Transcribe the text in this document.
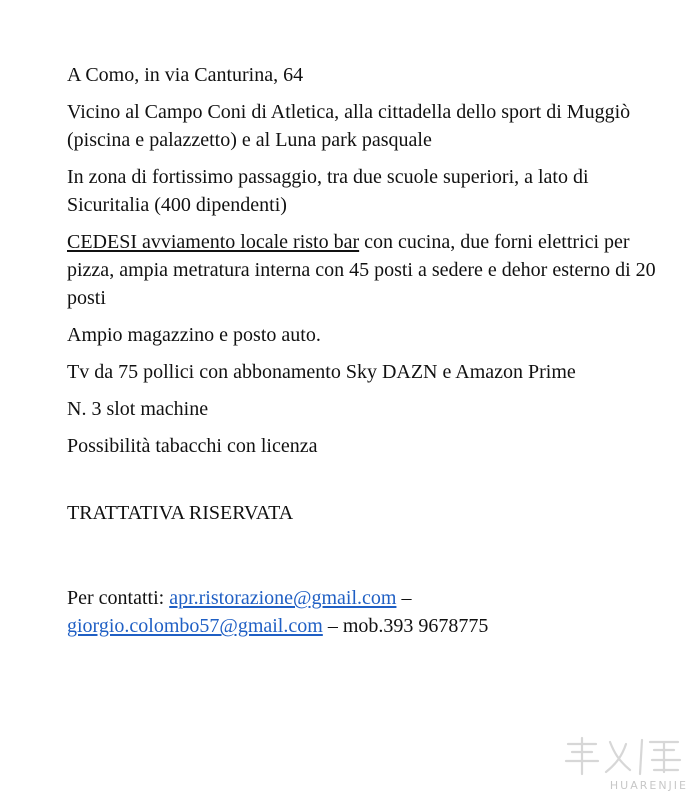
A Como, in via Canturina, 64

Vicino al Campo Coni di Atletica, alla cittadella dello sport di Muggiò (piscina e palazzetto) e al Luna park pasquale

In zona di fortissimo passaggio, tra due scuole superiori, a lato di Sicuritalia (400 dipendenti)

CEDESI avviamento locale risto bar con cucina, due forni elettrici per pizza, ampia metratura interna con 45 posti a sedere e dehor esterno di 20 posti

Ampio magazzino e posto auto.

Tv da 75 pollici con abbonamento Sky DAZN e Amazon Prime

N. 3 slot machine

Possibilità tabacchi con licenza

TRATTATIVA RISERVATA

Per contatti: apr.ristorazione@gmail.com – giorgio.colombo57@gmail.com – mob.393 9678775

HUARENJIE
